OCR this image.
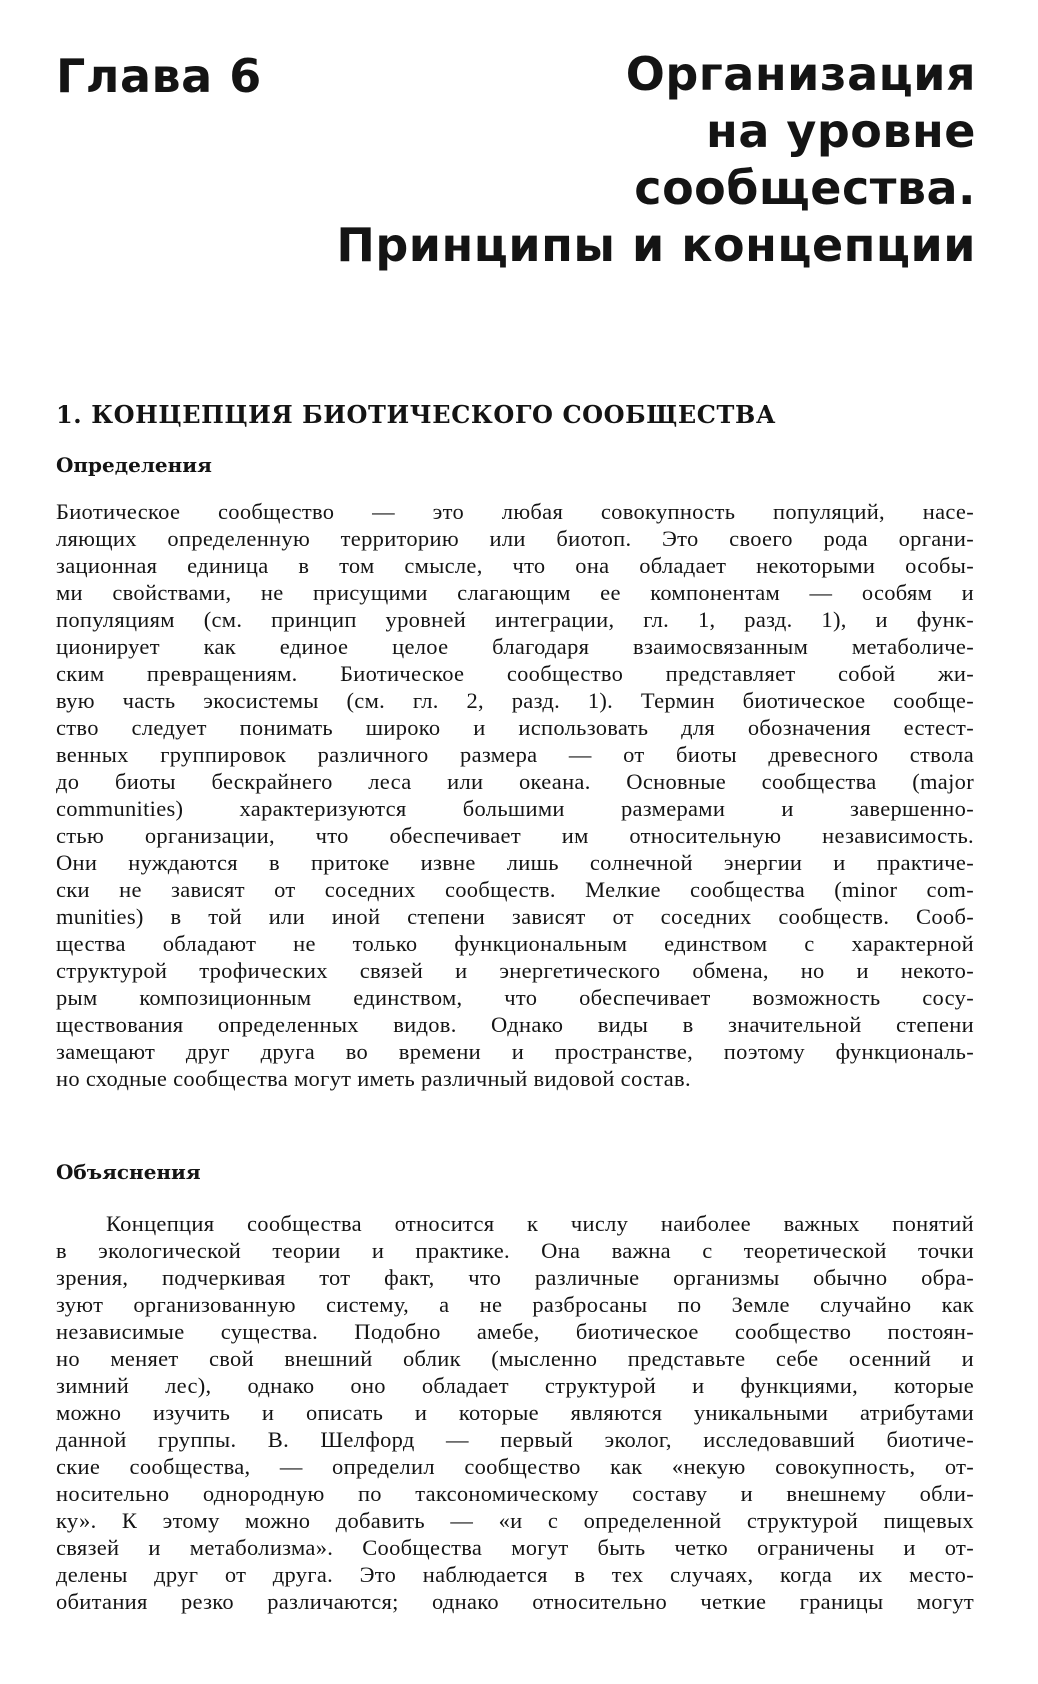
Глава 6	Организация
на уровне
сообщества.
Принципы и концепции
1. КОНЦЕПЦИЯ БИОТИЧЕСКОГО СООБЩЕСТВА
Определения

Биотическое сообщество — это любая совокупность популяций, насе-
ляющих определенную территорию или биотоп. Это своего рода органи-
зационная единица в том смысле, что она обладает некоторыми особы-
ми свойствами, не присущими слагающим ее компонентам — особям и
популяциям (см. принцип уровней интеграции, гл. 1, разд. 1), и функ-
ционирует как единое целое благодаря взаимосвязанным метаболиче-
ским превращениям. Биотическое сообщество представляет собой жи-
вую часть экосистемы (см. гл. 2, разд. 1). Термин биотическое сообще-
ство следует понимать широко и использовать для обозначения естест-
венных группировок различного размера — от биоты древесного ствола
до биоты бескрайнего леса или океана. Основные сообщества (major
communities) характеризуются большими размерами и завершенно-
стью организации, что обеспечивает им относительную независимость.
Они нуждаются в притоке извне лишь солнечной энергии и практиче-
ски не зависят от соседних сообществ. Мелкие сообщества (minor com-
munities) в той или иной степени зависят от соседних сообществ. Сооб-
щества обладают не только функциональным единством с характерной
структурой трофических связей и энергетического обмена, но и некото-
рым композиционным единством, что обеспечивает возможность сосу-
ществования определенных видов. Однако виды в значительной степени
замещают друг друга во времени и пространстве, поэтому функциональ-
но сходные сообщества могут иметь различный видовой состав.

Объяснения

Концепция сообщества относится к числу наиболее важных понятий
в экологической теории и практике. Она важна с теоретической точки
зрения, подчеркивая тот факт, что различные организмы обычно обра-
зуют организованную систему, а не разбросаны по Земле случайно как
независимые существа. Подобно амебе, биотическое сообщество постоян-
но меняет свой внешний облик (мысленно представьте себе осенний и
зимний лес), однако оно обладает структурой и функциями, которые
можно изучить и описать и которые являются уникальными атрибутами
данной группы. В. Шелфорд — первый эколог, исследовавший биотиче-
ские сообщества, — определил сообщество как «некую совокупность, от-
носительно однородную по таксономическому составу и внешнему обли-
ку». К этому можно добавить — «и с определенной структурой пищевых
связей и метаболизма». Сообщества могут быть четко ограничены и от-
делены друг от друга. Это наблюдается в тех случаях, когда их место-
обитания резко различаются; однако относительно четкие границы могут
